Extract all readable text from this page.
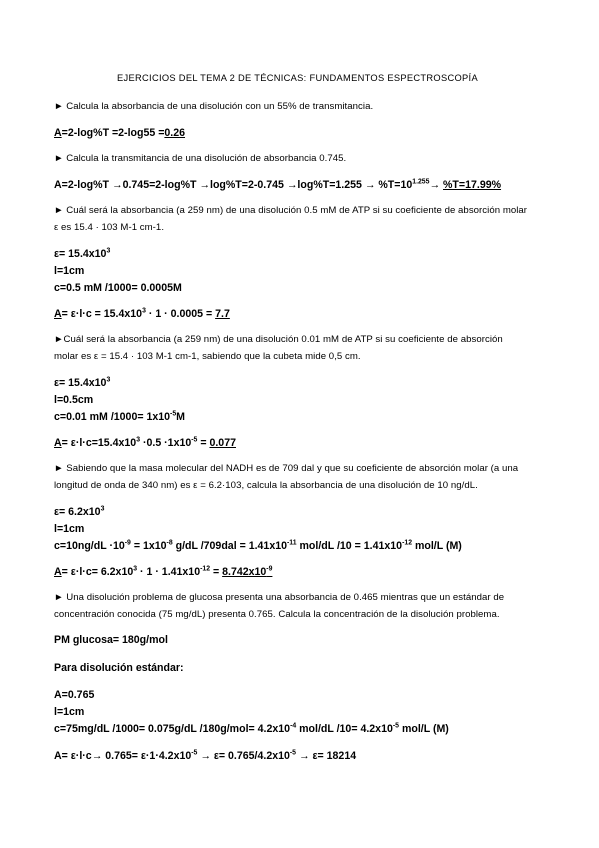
EJERCICIOS DEL TEMA 2 DE TÉCNICAS: FUNDAMENTOS ESPECTROSCOPÍA
► Calcula la absorbancia de una disolución con un 55% de transmitancia.
A=2-log%T =2-log55 =0.26
► Calcula la transmitancia de una disolución de absorbancia 0.745.
$A=2-\log\%T \to 0.745=2-\log\%T \to\log\%T=2-0.745 \to\log\%T=1.255 \to \%T=10^{1.255}\to \%T=17.99\%$
► Cuál será la absorbancia (a 259 nm) de una disolución 0.5 mM de ATP si su coeficiente de absorción molar
ε es 15.4 · 103 M-1 cm-1.
$\varepsilon= 15.4x10^3$
l=1cm
c=0.5 mM /1000= 0.0005M
$A= \varepsilon\cdot l\cdot c = 15.4x10^3 \cdot 1 \cdot 0.0005 = 7.7$
►Cuál será la absorbancia (a 259 nm) de una disolución 0.01 mM de ATP si su coeficiente de absorción
molar es ε = 15.4 · 103 M-1 cm-1, sabiendo que la cubeta mide 0,5 cm.
$\varepsilon= 15.4x10^3$
l=0.5cm
c=0.01 mM $/1000= 1x10^{-5}M$
$A= \varepsilon\cdot l\cdot c=15.4x10^3 \cdot 0.5 \cdot 1x10^{-5} = 0.077$
► Sabiendo que la masa molecular del NADH es de 709 dal y que su coeficiente de absorción molar (a una
longitud de onda de 340 nm) es ε = 6.2·103, calcula la absorbancia de una disolución de 10 ng/dL.
$\varepsilon= 6.2x10^3$
l=1cm
$c=10ng/dL \cdot 10^{-9} = 1x10^{-8}$ g/dL $/709dal = 1.41x10^{-11}$ mol/dL $/10 = 1.41x10^{-12}$ mol/L (M)
$A= \varepsilon\cdot l\cdot c= 6.2x10^3 \cdot 1 \cdot 1.41x10^{-12} = 8.742x10^{-9}$
► Una disolución problema de glucosa presenta una absorbancia de 0.465 mientras que un estándar de
concentración conocida (75 mg/dL) presenta 0.765. Calcula la concentración de la disolución problema.
PM glucosa= 180g/mol
Para disolución estándar:
A=0.765
l=1cm
c=75mg/dL /1000= 0.075g/dL $/180g/mol= 4.2x10^{-4}$ mol/dL $/10= 4.2x10^{-5}$ mol/L (M)
$A= \varepsilon\cdot l\cdot c\to 0.765= \varepsilon\cdot 1\cdot 4.2x10^{-5} \to \varepsilon= 0.765/4.2x10^{-5} \to \varepsilon= 18214$
